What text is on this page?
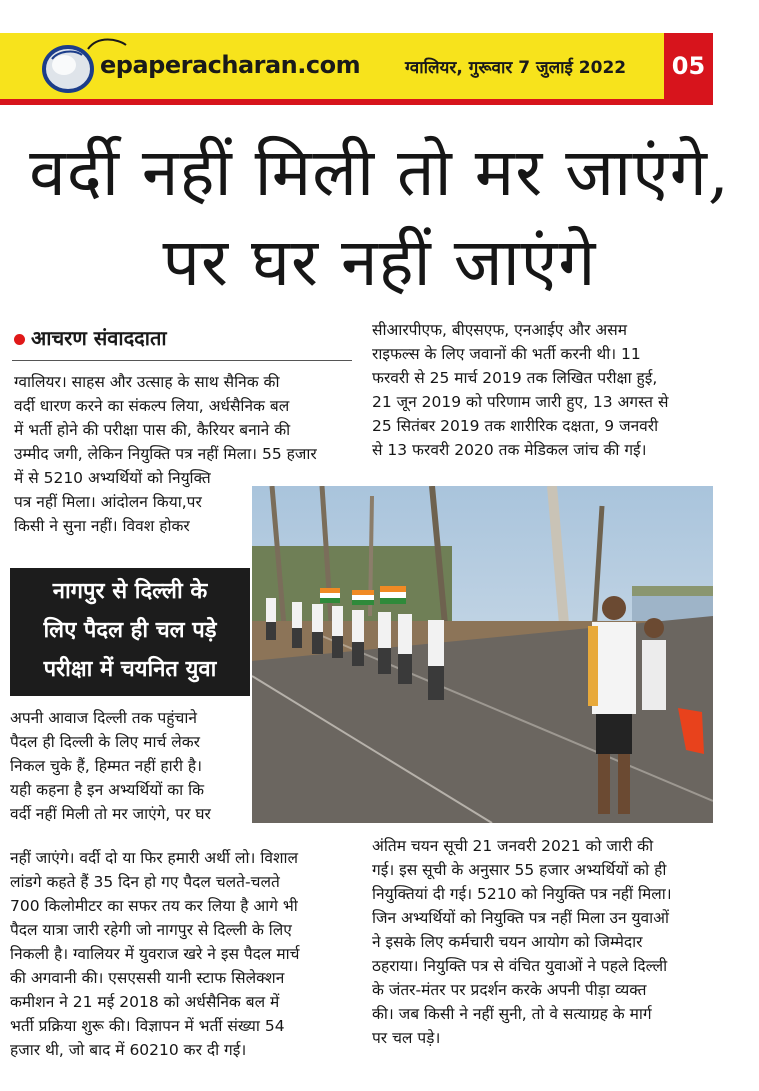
epaperacharan.com	ग्वालियर, गुरूवार 7 जुलाई 2022	05
वर्दी नहीं मिली तो मर जाएंगे,
पर घर नहीं जाएंगे
आचरण संवाददाता
ग्वालियर। साहस और उत्साह के साथ सैनिक की
वर्दी धारण करने का संकल्प लिया, अर्धसैनिक बल
में भर्ती होने की परीक्षा पास की, कैरियर बनाने की
उम्मीद जगी, लेकिन नियुक्ति पत्र नहीं मिला। 55 हजार
में से 5210 अभ्यर्थियों को नियुक्ति
पत्र नहीं मिला। आंदोलन किया,पर
किसी ने सुना नहीं। विवश होकर
नागपुर से दिल्ली के
लिए पैदल ही चल पड़े
परीक्षा में चयनित युवा
अपनी आवाज दिल्ली तक पहुंचाने
पैदल ही दिल्ली के लिए मार्च लेकर
निकल चुके हैं, हिम्मत नहीं हारी है।
यही कहना है इन अभ्यर्थियों का कि
वर्दी नहीं मिली तो मर जाएंगे, पर घर
नहीं जाएंगे। वर्दी दो या फिर हमारी अर्थी लो। विशाल
लांडगे कहते हैं 35 दिन हो गए पैदल चलते-चलते
700 किलोमीटर का सफर तय कर लिया है आगे भी
पैदल यात्रा जारी रहेगी जो नागपुर से दिल्ली के लिए
निकली है। ग्वालियर में युवराज खरे ने इस पैदल मार्च
की अगवानी की। एसएससी यानी स्टाफ सिलेक्शन
कमीशन ने 21 मई 2018 को अर्धसैनिक बल में
भर्ती प्रक्रिया शुरू की। विज्ञापन में भर्ती संख्या 54
हजार थी, जो बाद में 60210 कर दी गई।
सीआरपीएफ, बीएसएफ, एनआईए और असम
राइफल्स के लिए जवानों की भर्ती करनी थी। 11
फरवरी से 25 मार्च 2019 तक लिखित परीक्षा हुई,
21 जून 2019 को परिणाम जारी हुए, 13 अगस्त से
25 सितंबर 2019 तक शारीरिक दक्षता, 9 जनवरी
से 13 फरवरी 2020 तक मेडिकल जांच की गई।
अंतिम चयन सूची 21 जनवरी 2021 को जारी की
गई। इस सूची के अनुसार 55 हजार अभ्यर्थियों को ही
नियुक्तियां दी गई। 5210 को नियुक्ति पत्र नहीं मिला।
जिन अभ्यर्थियों को नियुक्ति पत्र नहीं मिला उन युवाओं
ने इसके लिए कर्मचारी चयन आयोग को जिम्मेदार
ठहराया। नियुक्ति पत्र से वंचित युवाओं ने पहले दिल्ली
के जंतर-मंतर पर प्रदर्शन करके अपनी पीड़ा व्यक्त
की। जब किसी ने नहीं सुनी, तो वे सत्याग्रह के मार्ग
पर चल पड़े।
